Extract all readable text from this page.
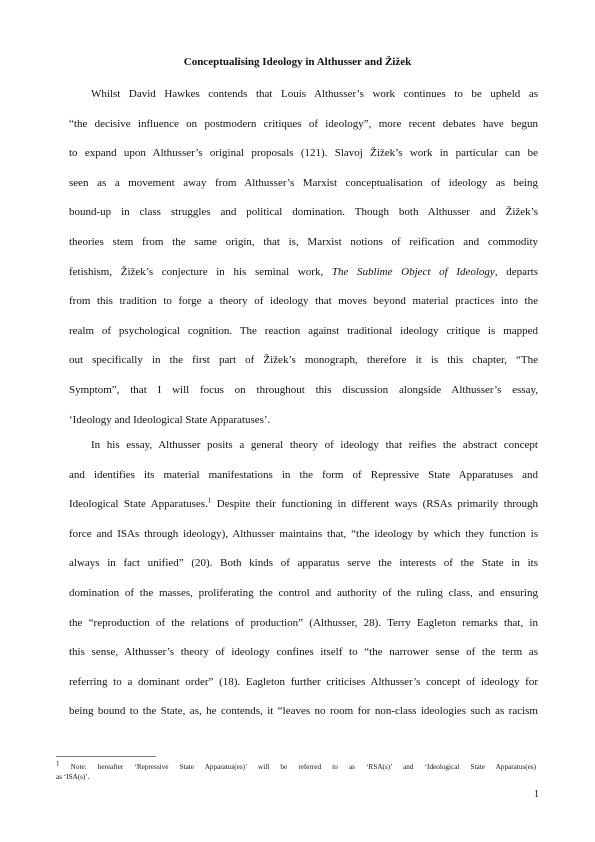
Conceptualising Ideology in Althusser and Žižek
Whilst David Hawkes contends that Louis Althusser’s work continues to be upheld as
“the decisive influence on postmodern critiques of ideology”, more recent debates have begun
to expand upon Althusser’s original proposals (121). Slavoj Žižek’s work in particular can be
seen as a movement away from Althusser’s Marxist conceptualisation of ideology as being
bound-up in class struggles and political domination. Though both Althusser and Žižek’s
theories stem from the same origin, that is, Marxist notions of reification and commodity
fetishism, Žižek’s conjecture in his seminal work, The Sublime Object of Ideology, departs
from this tradition to forge a theory of ideology that moves beyond material practices into the
realm of psychological cognition. The reaction against traditional ideology critique is mapped
out specifically in the first part of Žižek’s monograph, therefore it is this chapter, “The
Symptom”, that I will focus on throughout this discussion alongside Althusser’s essay,
‘Ideology and Ideological State Apparatuses’.
In his essay, Althusser posits a general theory of ideology that reifies the abstract concept
and identifies its material manifestations in the form of Repressive State Apparatuses and
Ideological State Apparatuses.$^1$ Despite their functioning in different ways (RSAs primarily through
force and ISAs through ideology), Althusser maintains that, “the ideology by which they function is
always in fact unified” (20). Both kinds of apparatus serve the interests of the State in its
domination of the masses, proliferating the control and authority of the ruling class, and ensuring
the “reproduction of the relations of production” (Althusser, 28). Terry Eagleton remarks that, in
this sense, Althusser’s theory of ideology confines itself to “the narrower sense of the term as
referring to a dominant order” (18). Eagleton further criticises Althusser’s concept of ideology for
being bound to the State, as, he contends, it “leaves no room for non-class ideologies such as racism
$^1$ Note: hereafter ‘Repressive State Apparatus(es)’ will be referred to as ‘RSA(s)’ and ‘Ideological State Apparatus(es)
as ‘ISA(s)’.
1
